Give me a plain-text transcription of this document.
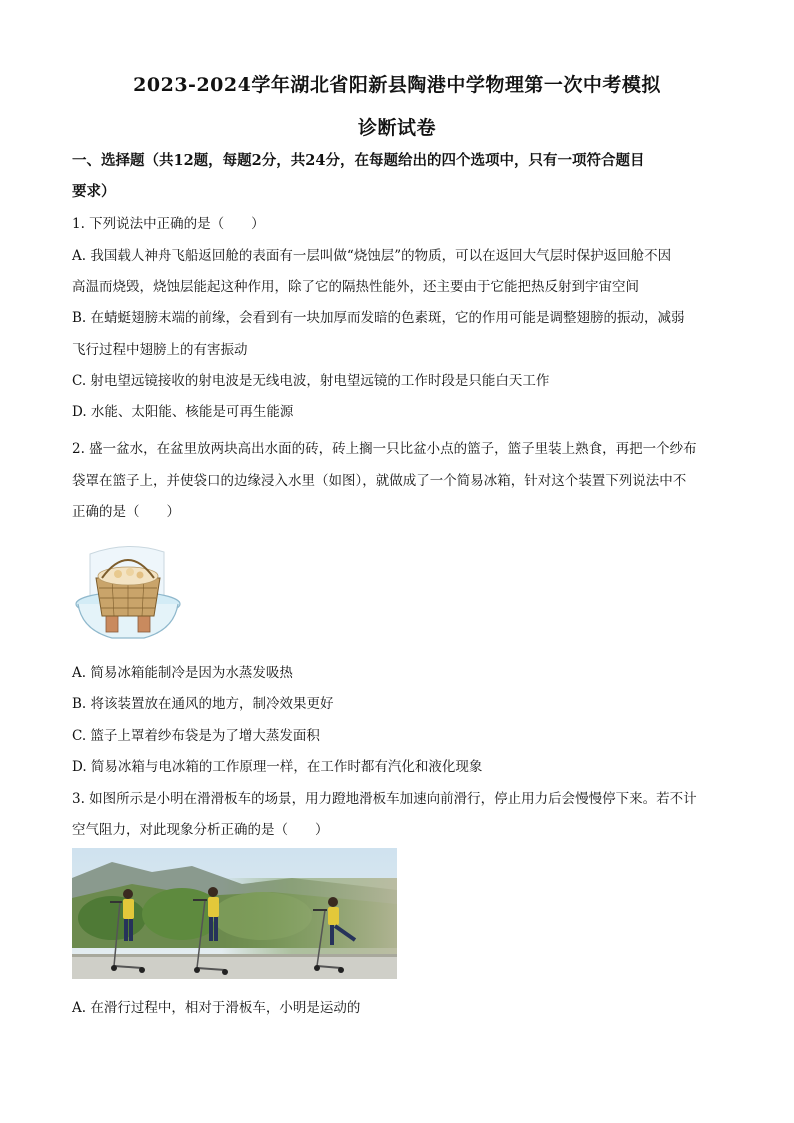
2023-2024学年湖北省阳新县陶港中学物理第一次中考模拟
诊断试卷
一、选择题（共12题，每题2分，共24分，在每题给出的四个选项中，只有一项符合题目
要求）
1. 下列说法中正确的是（　　）
A. 我国载人神舟飞船返回舱的表面有一层叫做“烧蚀层”的物质，可以在返回大气层时保护返回舱不因
高温而烧毁，烧蚀层能起这种作用，除了它的隔热性能外，还主要由于它能把热反射到宇宙空间
B. 在蜻蜓翅膀末端的前缘，会看到有一块加厚而发暗的色素斑，它的作用可能是调整翅膀的振动，减弱
飞行过程中翅膀上的有害振动
C. 射电望远镜接收的射电波是无线电波，射电望远镜的工作时段是只能白天工作
D. 水能、太阳能、核能是可再生能源
2. 盛一盆水，在盆里放两块高出水面的砖，砖上搁一只比盆小点的篮子，篮子里装上熟食，再把一个纱布
袋罩在篮子上，并使袋口的边缘浸入水里（如图），就做成了一个简易冰箱，针对这个装置下列说法中不
正确的是（　　）
A. 简易冰箱能制冷是因为水蒸发吸热
B. 将该装置放在通风的地方，制冷效果更好
C. 篮子上罩着纱布袋是为了增大蒸发面积
D. 简易冰箱与电冰箱的工作原理一样，在工作时都有汽化和液化现象
3. 如图所示是小明在滑滑板车的场景，用力蹬地滑板车加速向前滑行，停止用力后会慢慢停下来。若不计
空气阻力，对此现象分析正确的是（　　）
A. 在滑行过程中，相对于滑板车，小明是运动的
